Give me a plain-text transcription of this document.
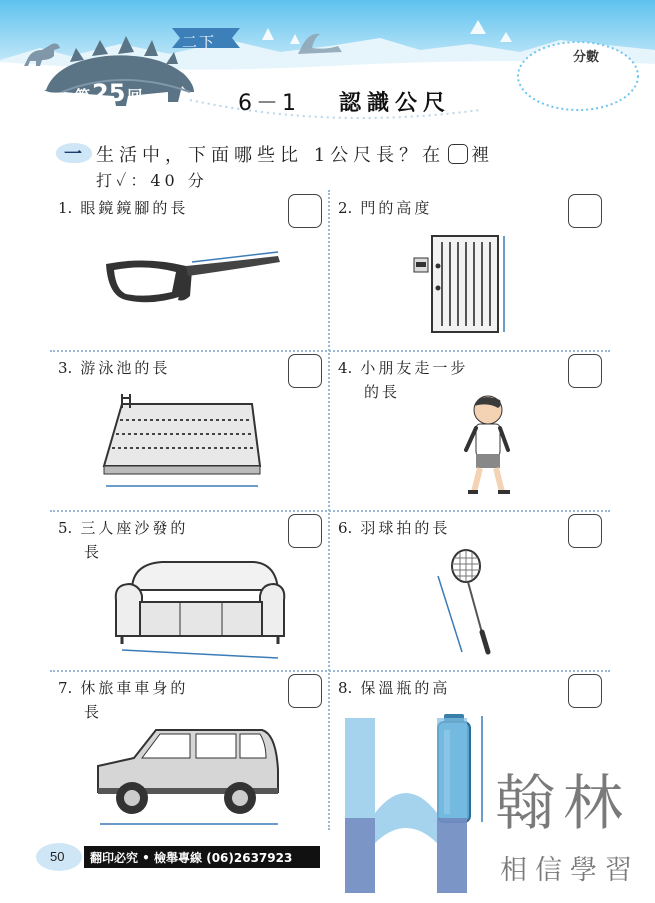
二下
第 25 回	6－1 認識公尺
分數
一 生活中，下面哪些比 1公尺長？在 裡
打✓：40 分
1. 眼鏡鏡腳的長	2. 門的高度
3. 游泳池的長	4. 小朋友走一步
的長
5. 三人座沙發的
長
6. 羽球拍的長
7. 休旅車車身的
長
8. 保溫瓶的高
翰林
相信學習
50	翻印必究 • 檢舉專線 (06)2637923
